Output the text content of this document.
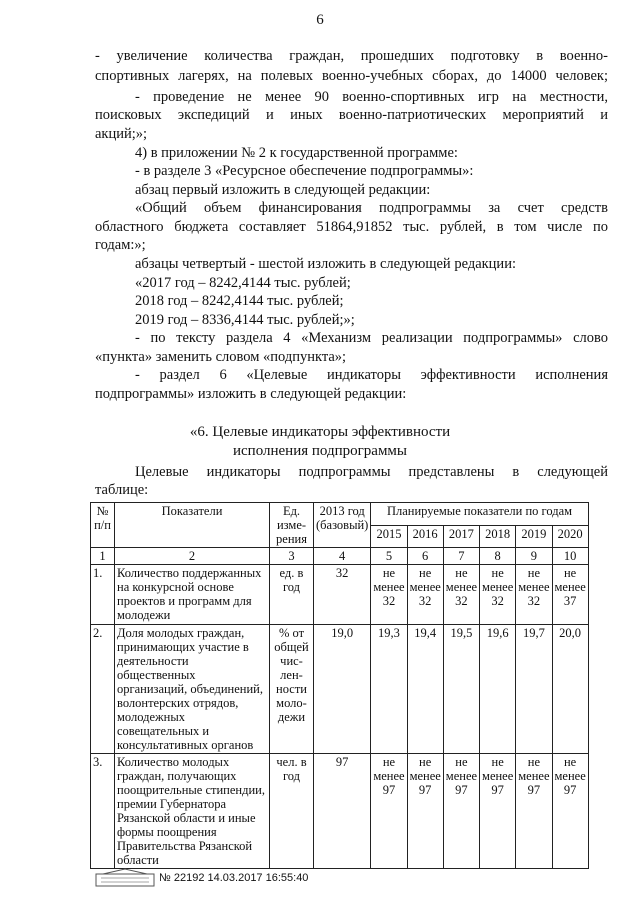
6
- увеличение количества граждан, прошедших подготовку в военно-
спортивных лагерях, на полевых военно-учебных сборах, до 14000 человек;
- проведение не менее 90 военно-спортивных игр на местности,
поисковых экспедиций и иных военно-патриотических мероприятий и
акций;»;
4) в приложении № 2 к государственной программе:
- в разделе 3 «Ресурсное обеспечение подпрограммы»:
абзац первый изложить в следующей редакции:
«Общий объем финансирования подпрограммы за счет средств
областного бюджета составляет 51864,91852 тыс. рублей, в том числе по
годам:»;
абзацы четвертый - шестой изложить в следующей редакции:
«2017 год – 8242,4144 тыс. рублей;
2018 год – 8242,4144 тыс. рублей;
2019 год – 8336,4144 тыс. рублей;»;
- по тексту раздела 4 «Механизм реализации подпрограммы» слово
«пункта» заменить словом «подпункта»;
- раздел 6 «Целевые индикаторы эффективности исполнения
подпрограммы» изложить в следующей редакции:
«6. Целевые индикаторы эффективности
исполнения подпрограммы
Целевые индикаторы подпрограммы представлены в следующей
таблице:
№ п/п	Показатели	Ед. изме-рения	2013 год (базовый)	Планируемые показатели по годам					
				2015	2016	2017	2018	2019	2020
1	2	3	4	5	6	7	8	9	10
1.	Количество поддержанных на конкурсной основе проектов и программ для молодежи	ед. в год	32	не менее 32	не менее 32	не менее 32	не менее 32	не менее 32	не менее 37
2.	Доля молодых граждан, принимающих участие в деятельности общественных организаций, объединений, волонтерских отрядов, молодежных совещательных и консультативных органов	% от общей чис-лен-ности моло-дежи	19,0	19,3	19,4	19,5	19,6	19,7	20,0
3.	Количество молодых граждан, получающих поощрительные стипендии, премии Губернатора Рязанской области и иные формы поощрения Правительства Рязанской области	чел. в год	97	не менее 97	не менее 97	не менее 97	не менее 97	не менее 97	не менее 97
№ 22192 14.03.2017 16:55:40
